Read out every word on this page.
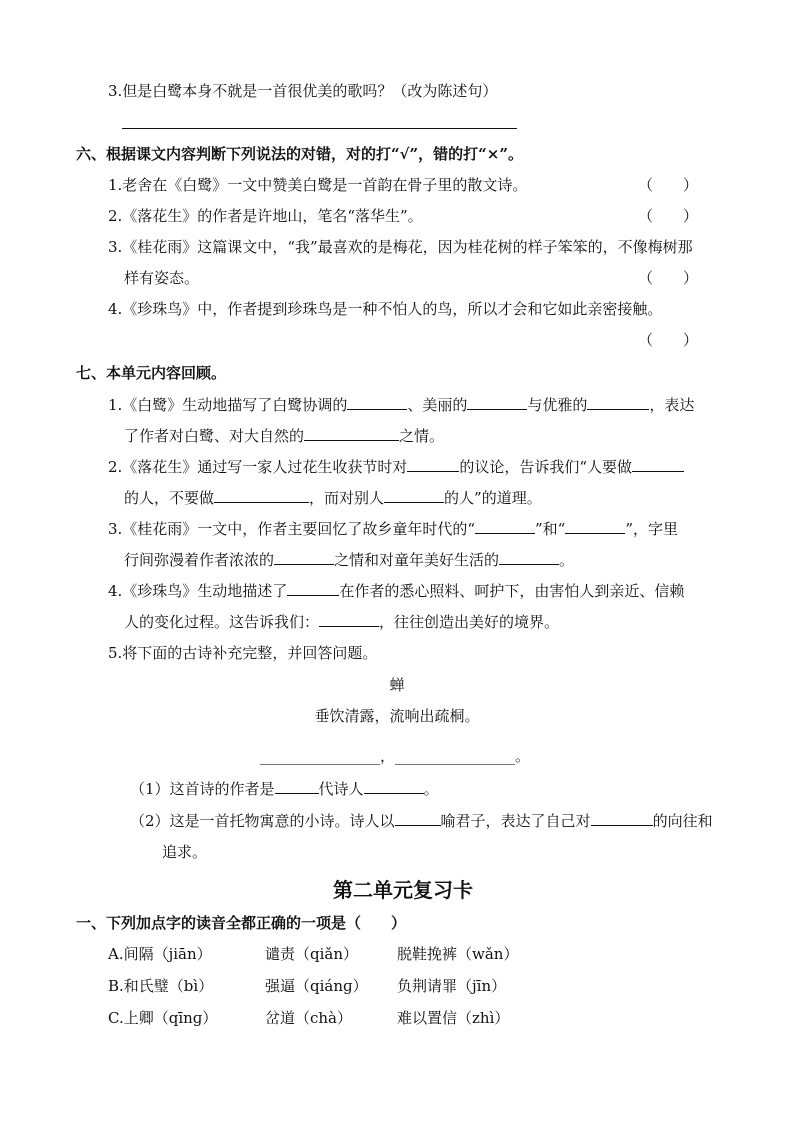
3.但是白鹭本身不就是一首很优美的歌吗？（改为陈述句）
六、根据课文内容判断下列说法的对错，对的打“√”，错的打“×”。
1.老舍在《白鹭》一文中赞美白鹭是一首韵在骨子里的散文诗。	（　　）
2.《落花生》的作者是许地山，笔名“落华生”。	（　　）
3.《桂花雨》这篇课文中，“我”最喜欢的是梅花，因为桂花树的样子笨笨的，不像梅树那
样有姿态。	（　　）
4.《珍珠鸟》中，作者提到珍珠鸟是一种不怕人的鸟，所以才会和它如此亲密接触。
（　　）
七、本单元内容回顾。
1.《白鹭》生动地描写了白鹭协调的	、美丽的	与优雅的	，表达
了作者对白鹭、对大自然的	之情。
2.《落花生》通过写一家人过花生收获节时对	的议论，告诉我们“人要做
的人，不要做	，而对别人	的人”的道理。
3.《桂花雨》一文中，作者主要回忆了故乡童年时代的“	”和“	”，字里
行间弥漫着作者浓浓的	之情和对童年美好生活的	。
4.《珍珠鸟》生动地描述了	在作者的悉心照料、呵护下，由害怕人到亲近、信赖
人的变化过程。这告诉我们：	，往往创造出美好的境界。
5.将下面的古诗补充完整，并回答问题。
蝉
垂饮清露，流响出疏桐。
________________，________________。
（1）这首诗的作者是	代诗人	。
（2）这是一首托物寓意的小诗。诗人以	喻君子，表达了自己对	的向往和
追求。
第二单元复习卡
一、下列加点字的读音全都正确的一项是（　　）
A.间隔（jiān）	谴责（qiǎn）	脱鞋挽裤（wǎn）
B.和氏璧（bì）	强逼（qiánɡ） 负荆请罪（jīn）
C.上卿（qīnɡ）	岔道（chà）	难以置信（zhì）
